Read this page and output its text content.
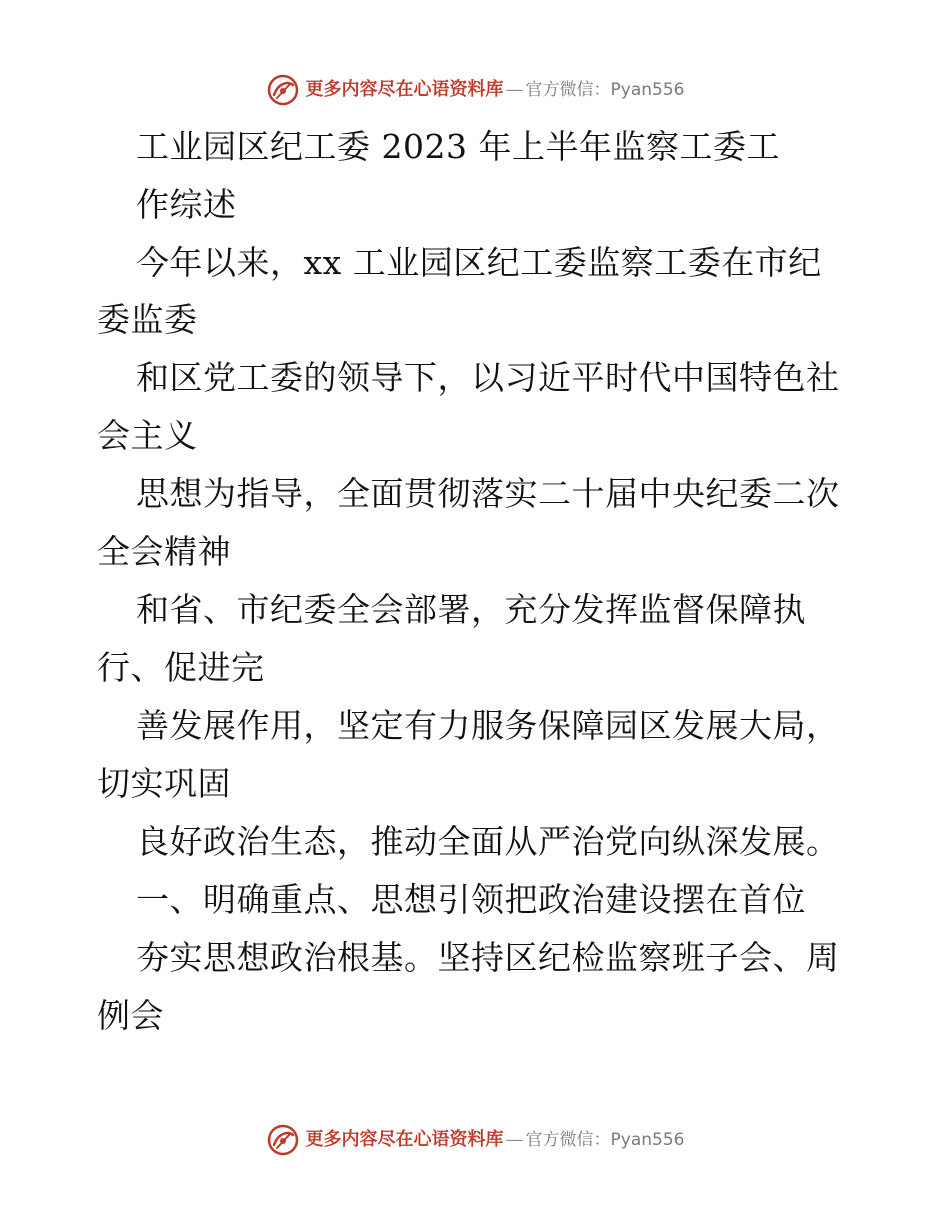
更多内容尽在心语资料库 — 官方微信：Pyan556
工业园区纪工委 2023 年上半年监察工委工
作综述
今年以来，xx 工业园区纪工委监察工委在市纪
委监委
和区党工委的领导下，以习近平时代中国特色社
会主义
思想为指导，全面贯彻落实二十届中央纪委二次
全会精神
和省、市纪委全会部署，充分发挥监督保障执
行、促进完
善发展作用，坚定有力服务保障园区发展大局，
切实巩固
良好政治生态，推动全面从严治党向纵深发展。
一、明确重点、思想引领把政治建设摆在首位
夯实思想政治根基。坚持区纪检监察班子会、周
例会
更多内容尽在心语资料库 — 官方微信：Pyan556
